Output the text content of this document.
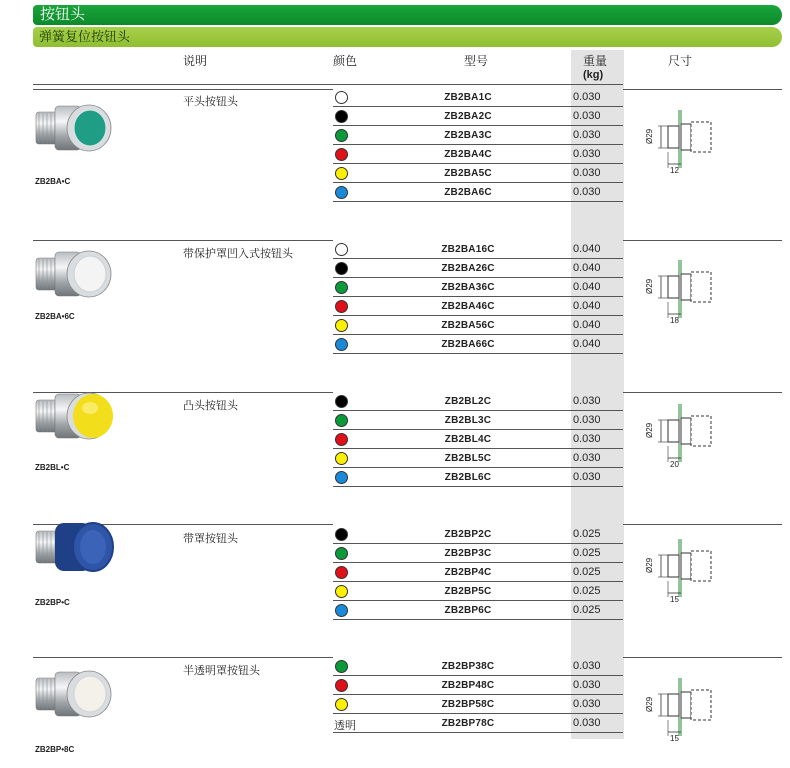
按钮头
弹簧复位按钮头
说明	颜色	型号	重量
(kg)
尺寸
ZB2BA•C
平头按钮头	ZB2BA1C	0.030
ZB2BA2C	0.030
ZB2BA3C	0.030
ZB2BA4C	0.030
ZB2BA5C	0.030
ZB2BA6C	0.030
Ø29
12
ZB2BA•6C
带保护罩凹入式按钮头	ZB2BA16C	0.040
ZB2BA26C	0.040
ZB2BA36C	0.040
ZB2BA46C	0.040
ZB2BA56C	0.040
ZB2BA66C	0.040
Ø29
18
ZB2BL•C
凸头按钮头	ZB2BL2C	0.030
ZB2BL3C	0.030
ZB2BL4C	0.030
ZB2BL5C	0.030
ZB2BL6C	0.030
Ø29
20
ZB2BP•C
带罩按钮头	ZB2BP2C	0.025
ZB2BP3C	0.025
ZB2BP4C	0.025
ZB2BP5C	0.025
ZB2BP6C	0.025
Ø29
15
ZB2BP•8C
半透明罩按钮头	ZB2BP38C	0.030
ZB2BP48C	0.030
ZB2BP58C	0.030
透明	ZB2BP78C	0.030
Ø29
15
